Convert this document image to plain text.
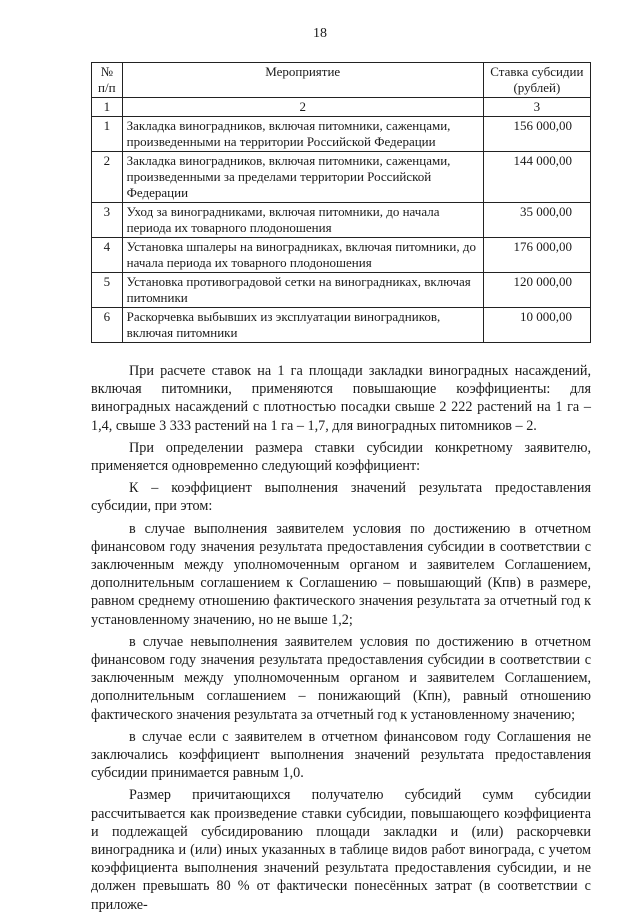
18
№ п/п	Мероприятие	Ставка субсидии (рублей)
1	2	3
1	Закладка виноградников, включая питомники, саженцами, произведенными на территории Российской Федерации	156 000,00
2	Закладка виноградников, включая питомники, саженцами, произведенными за пределами территории Российской Федерации	144 000,00
3	Уход за виноградниками, включая питомники, до начала периода их товарного плодоношения	35 000,00
4	Установка шпалеры на виноградниках, включая питомники, до начала периода их товарного плодоношения	176 000,00
5	Установка противоградовой сетки на виноградниках, включая питомники	120 000,00
6	Раскорчевка выбывших из эксплуатации виноградников, включая питомники	10 000,00

При расчете ставок на 1 га площади закладки виноградных насаждений, включая питомники, применяются повышающие коэффициенты: для виноградных насаждений с плотностью посадки свыше 2 222 растений на 1 га – 1,4, свыше 3 333 растений на 1 га – 1,7, для виноградных питомников – 2.

При определении размера ставки субсидии конкретному заявителю, применяется одновременно следующий коэффициент:

К – коэффициент выполнения значений результата предоставления субсидии, при этом:

в случае выполнения заявителем условия по достижению в отчетном финансовом году значения результата предоставления субсидии в соответствии с заключенным между уполномоченным органом и заявителем Соглашением, дополнительным соглашением к Соглашению – повышающий (Кпв) в размере, равном среднему отношению фактического значения результата за отчетный год к установленному значению, но не выше 1,2;

в случае невыполнения заявителем условия по достижению в отчетном финансовом году значения результата предоставления субсидии в соответствии с заключенным между уполномоченным органом и заявителем Соглашением, дополнительным соглашением – понижающий (Кпн), равный отношению фактического значения результата за отчетный год к установленному значению;

в случае если с заявителем в отчетном финансовом году Соглашения не заключались коэффициент выполнения значений результата предоставления субсидии принимается равным 1,0.

Размер причитающихся получателю субсидий сумм субсидии рассчитывается как произведение ставки субсидии, повышающего коэффициента и подлежащей субсидированию площади закладки и (или) раскорчевки виноградника и (или) иных указанных в таблице видов работ винограда, с учетом коэффициента выполнения значений результата предоставления субсидии, и не должен превышать 80 % от фактически понесённых затрат (в соответствии с приложе-
